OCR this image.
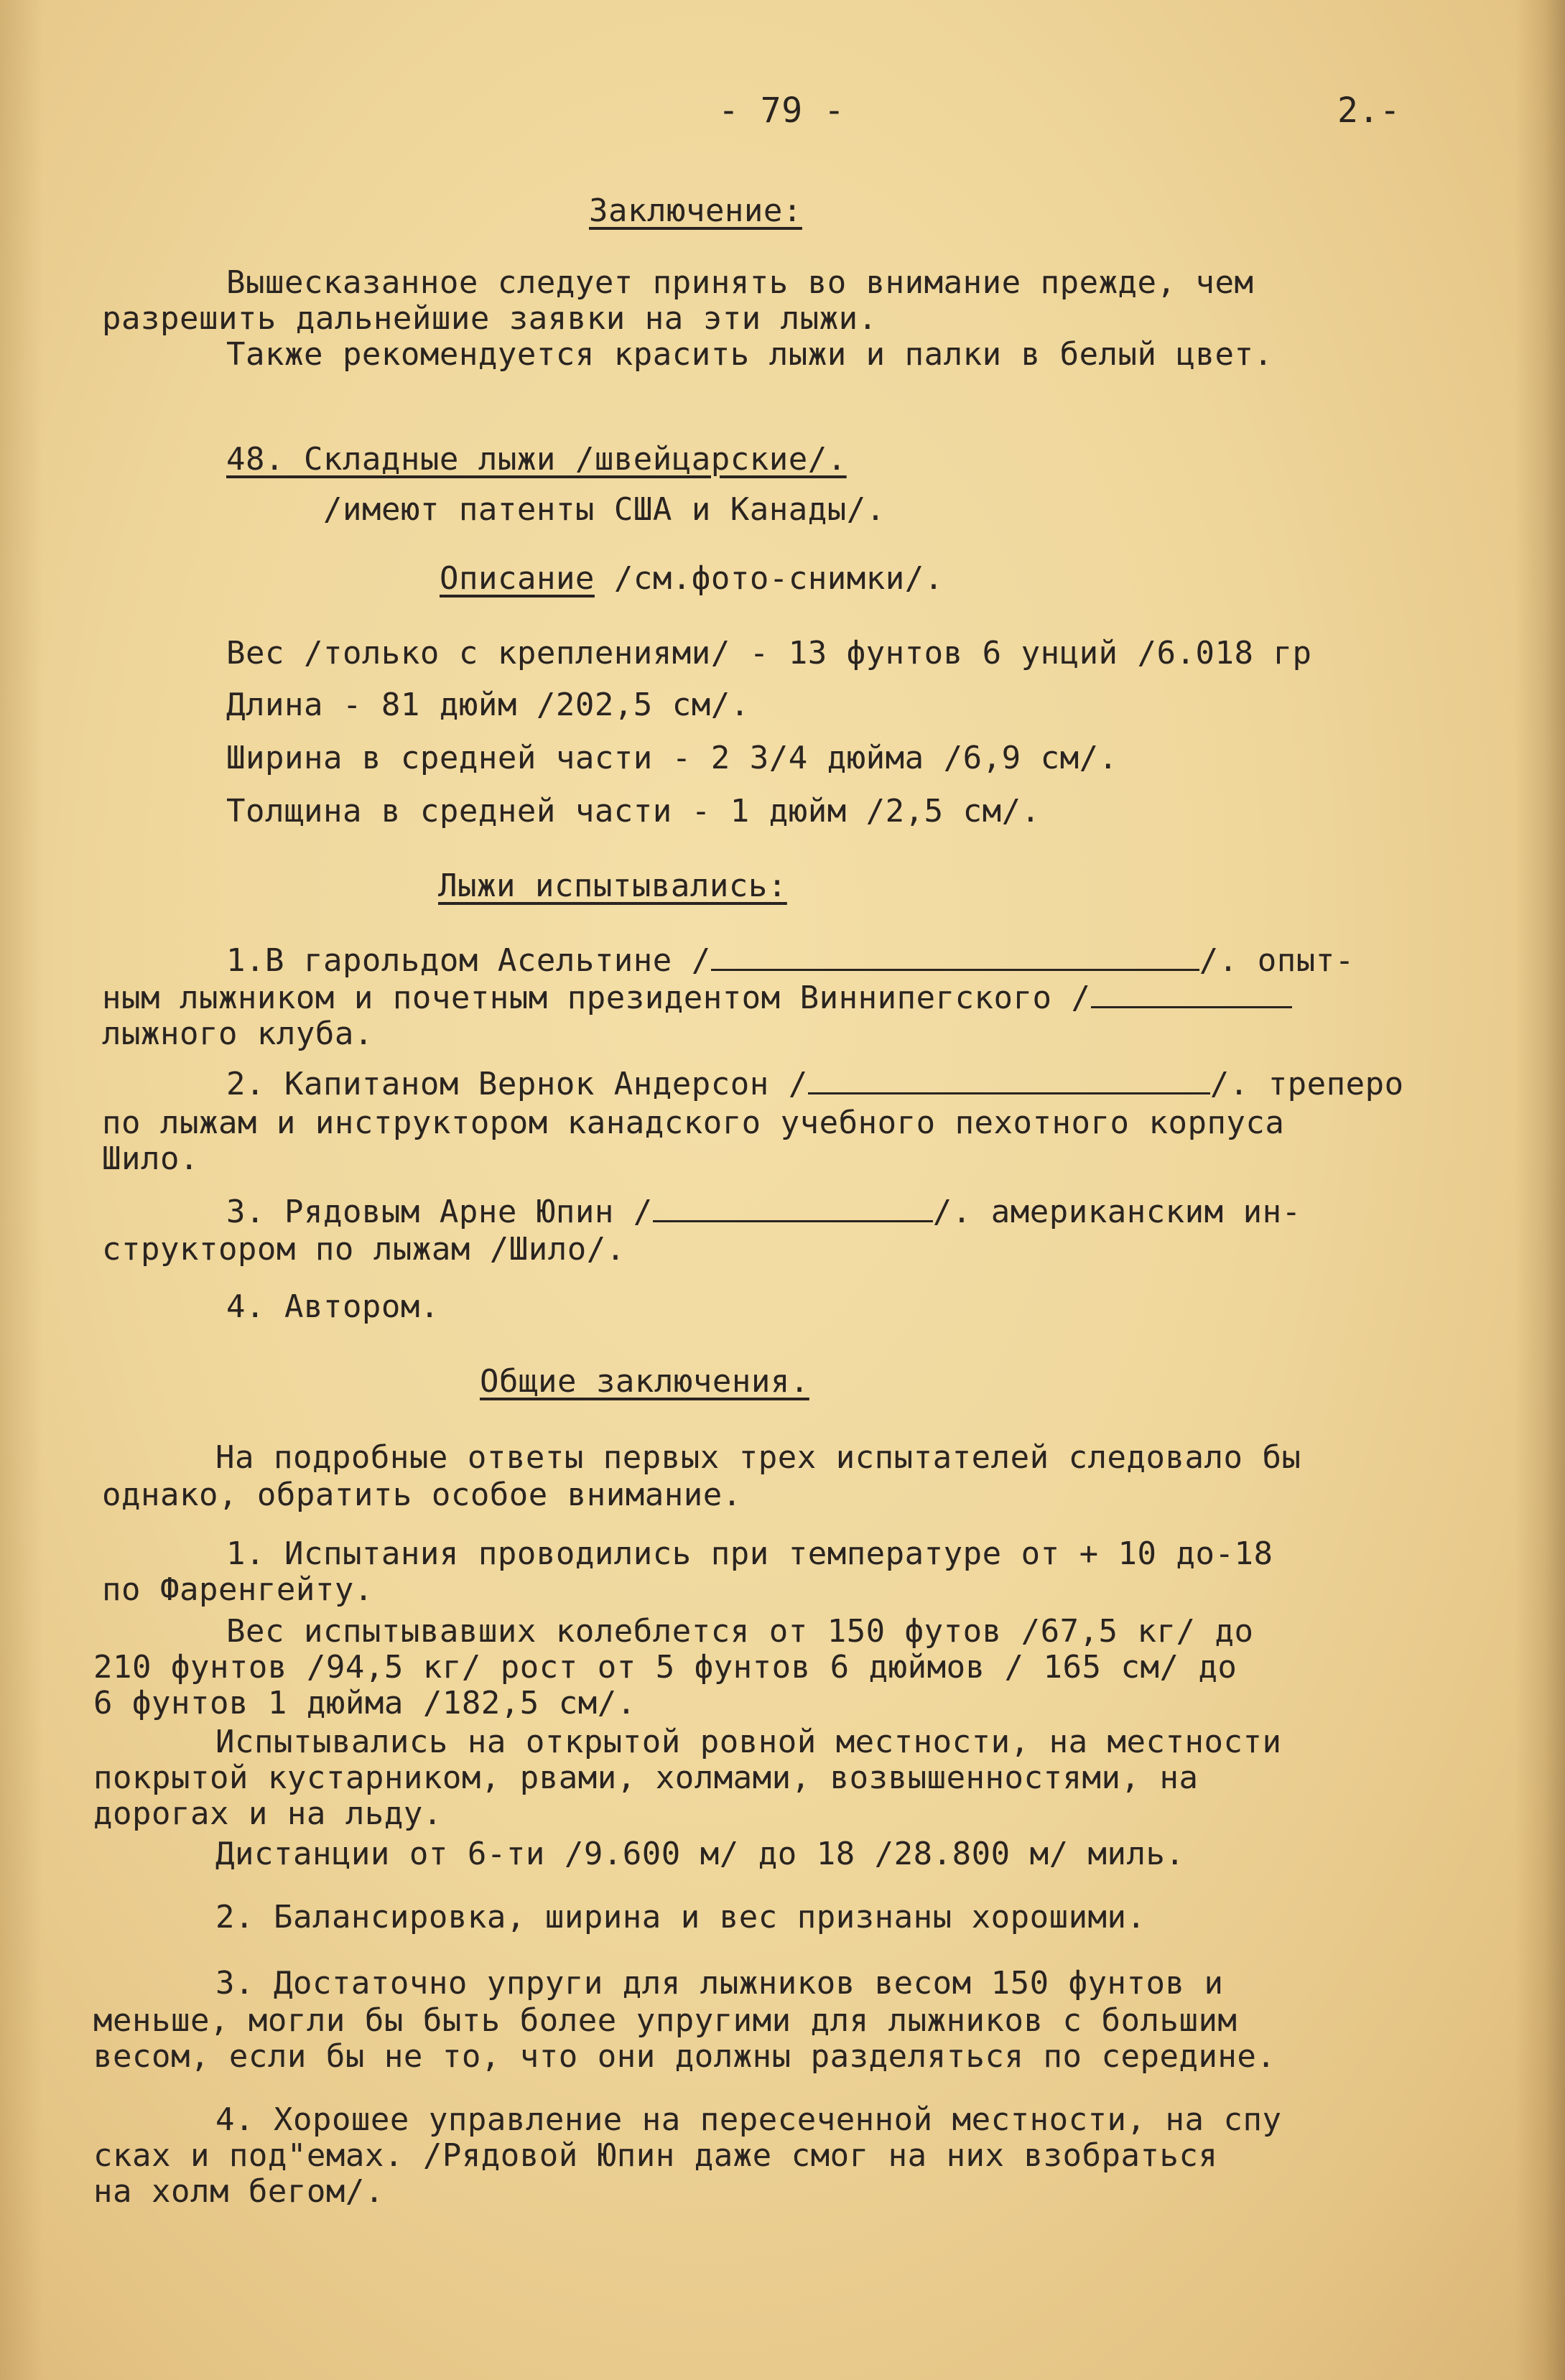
- 79 -	2.-
Заключение:
Вышесказанное следует принять во внимание прежде, чем
разрешить дальнейшие заявки на эти лыжи.
Также рекомендуется красить лыжи и палки в белый цвет.
48. Складные лыжи /швейцарские/.
/имеют патенты США и Канады/.
Описание /см.фото-снимки/.
Вес /только с креплениями/ - 13 фунтов 6 унций /6.018 гр
Длина - 81 дюйм /202,5 см/.
Ширина в средней части - 2 3/4 дюйма /6,9 см/.
Толщина в средней части - 1 дюйм /2,5 см/.
Лыжи испытывались:
1.В гарольдом Асельтине /	/. опыт-
ным лыжником и почетным президентом Виннипегского /
лыжного клуба.
2. Капитаном Вернок Андерсон /	/. треперо
по лыжам и инструктором канадского учебного пехотного корпуса
Шило.
3. Рядовым Арне Юпин /	/. американским ин-
структором по лыжам /Шило/.
4. Автором.
Общие заключения.
На подробные ответы первых трех испытателей следовало бы
однако, обратить особое внимание.
1. Испытания проводились при температуре от + 10 до-18
по Фаренгейту.
Вес испытывавших колеблется от 150 футов /67,5 кг/ до
210 фунтов /94,5 кг/ рост от 5 фунтов 6 дюймов / 165 см/ до
6 фунтов 1 дюйма /182,5 см/.
Испытывались на открытой ровной местности, на местности
покрытой кустарником, рвами, холмами, возвышенностями, на
дорогах и на льду.
Дистанции от 6-ти /9.600 м/ до 18 /28.800 м/ миль.
2. Балансировка, ширина и вес признаны хорошими.
3. Достаточно упруги для лыжников весом 150 фунтов и
меньше, могли бы быть более упругими для лыжников с большим
весом, если бы не то, что они должны разделяться по середине.
4. Хорошее управление на пересеченной местности, на спу
сках и под"емах. /Рядовой Юпин даже смог на них взобраться
на холм бегом/.
